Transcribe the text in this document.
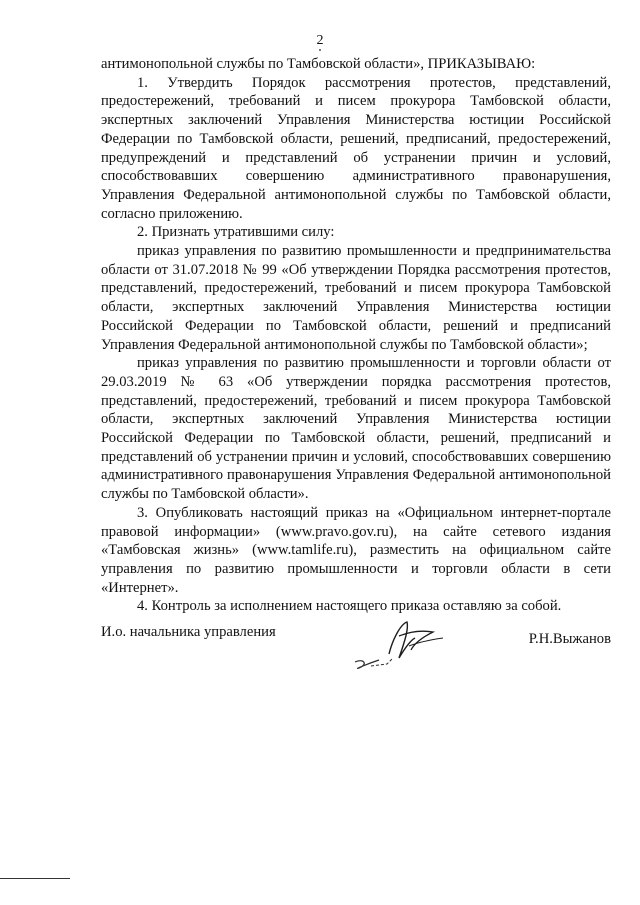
2

антимонопольной службы по Тамбовской области», ПРИКАЗЫВАЮ:

1. Утвердить Порядок рассмотрения протестов, представлений, предостережений, требований и писем прокурора Тамбовской области, экспертных заключений Управления Министерства юстиции Российской Федерации по Тамбовской области, решений, предписаний, предостережений, предупреждений и представлений об устранении причин и условий, способствовавших совершению административного правонарушения, Управления Федеральной антимонопольной службы по Тамбовской области, согласно приложению.

2. Признать утратившими силу:

приказ управления по развитию промышленности и предпринимательства области от 31.07.2018 № 99 «Об утверждении Порядка рассмотрения протестов, представлений, предостережений, требований и писем прокурора Тамбовской области, экспертных заключений Управления Министерства юстиции Российской Федерации по Тамбовской области, решений и предписаний Управления Федеральной антимонопольной службы по Тамбовской области»;

приказ управления по развитию промышленности и торговли области от 29.03.2019 № 63 «Об утверждении порядка рассмотрения протестов, представлений, предостережений, требований и писем прокурора Тамбовской области, экспертных заключений Управления Министерства юстиции Российской Федерации по Тамбовской области, решений, предписаний и представлений об устранении причин и условий, способствовавших совершению административного правонарушения Управления Федеральной антимонопольной службы по Тамбовской области».

3. Опубликовать настоящий приказ на «Официальном интернет-портале правовой информации» (www.pravo.gov.ru), на сайте сетевого издания «Тамбовская жизнь» (www.tamlife.ru), разместить на официальном сайте управления по развитию промышленности и торговли области в сети «Интернет».

4. Контроль за исполнением настоящего приказа оставляю за собой.

И.о. начальника управления	Р.Н.Выжанов
